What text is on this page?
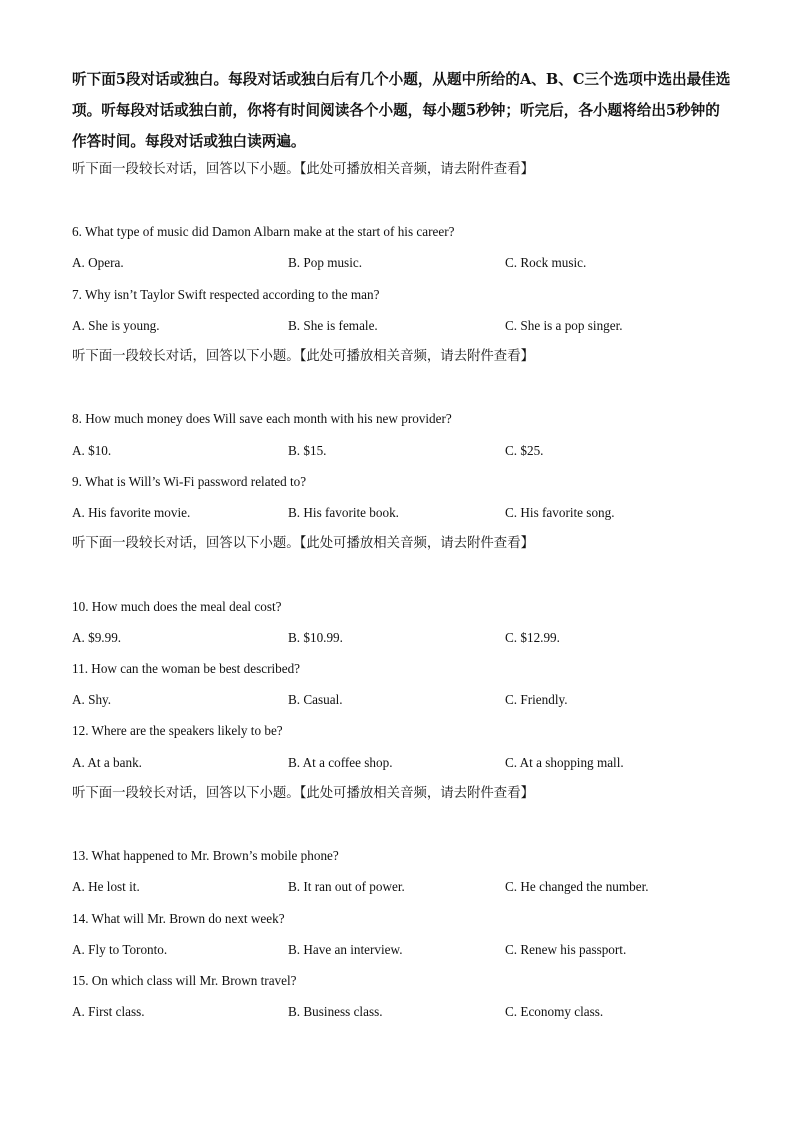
听下面5段对话或独白。每段对话或独白后有几个小题，从题中所给的A、B、C三个选项中选出最佳选项。听每段对话或独白前，你将有时间阅读各个小题，每小题5秒钟；听完后，各小题将给出5秒钟的作答时间。每段对话或独白读两遍。
听下面一段较长对话，回答以下小题。【此处可播放相关音频，请去附件查看】
6. What type of music did Damon Albarn make at the start of his career?
A. Opera.	B. Pop music.	C. Rock music.
7. Why isn’t Taylor Swift respected according to the man?
A. She is young.	B. She is female.	C. She is a pop singer.
听下面一段较长对话，回答以下小题。【此处可播放相关音频，请去附件查看】
8. How much money does Will save each month with his new provider?
A. $10.	B. $15.	C. $25.
9. What is Will’s Wi-Fi password related to?
A. His favorite movie.	B. His favorite book.	C. His favorite song.
听下面一段较长对话，回答以下小题。【此处可播放相关音频，请去附件查看】
10. How much does the meal deal cost?
A. $9.99.	B. $10.99.	C. $12.99.
11. How can the woman be best described?
A. Shy.	B. Casual.	C. Friendly.
12. Where are the speakers likely to be?
A. At a bank.	B. At a coffee shop.	C. At a shopping mall.
听下面一段较长对话，回答以下小题。【此处可播放相关音频，请去附件查看】
13. What happened to Mr. Brown’s mobile phone?
A. He lost it.	B. It ran out of power.	C. He changed the number.
14. What will Mr. Brown do next week?
A. Fly to Toronto.	B. Have an interview.	C. Renew his passport.
15. On which class will Mr. Brown travel?
A. First class.	B. Business class.	C. Economy class.
